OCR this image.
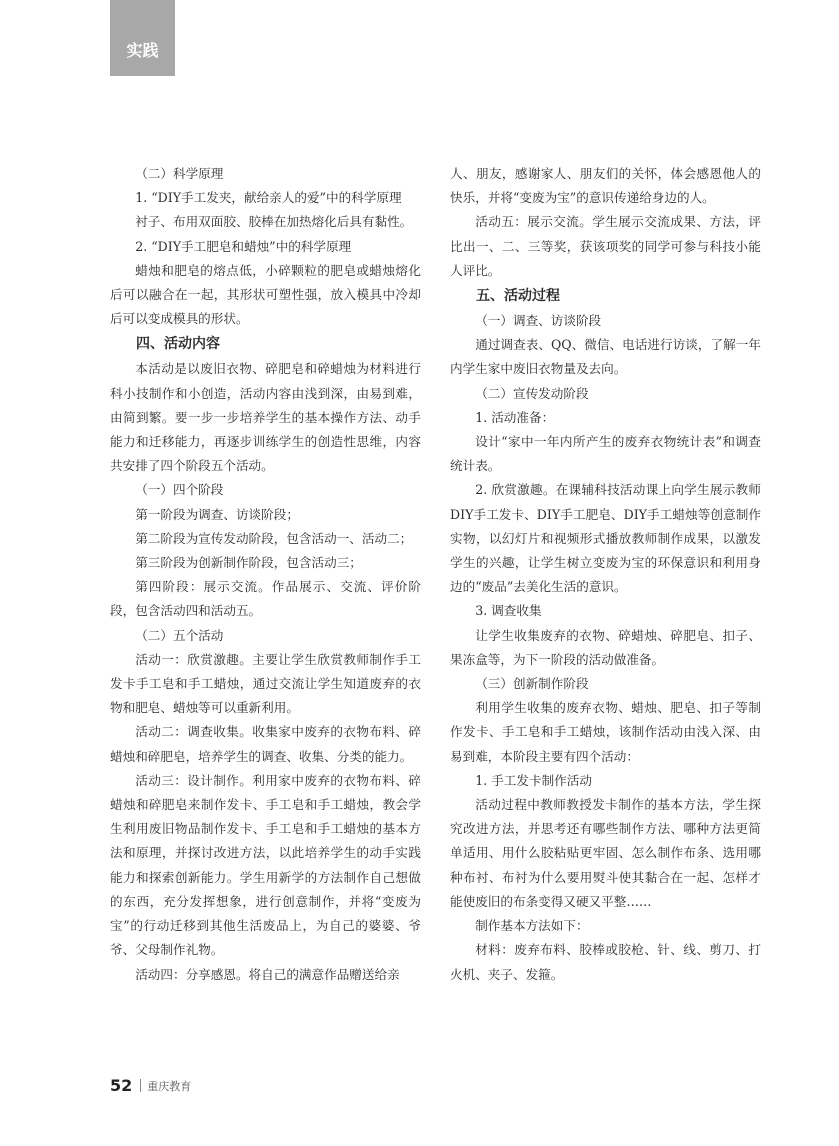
实践

（二）科学原理

1. “DIY手工发夹，献给亲人的爱”中的科学原理

衬子、布用双面胶、胶棒在加热熔化后具有黏性。

2. “DIY手工肥皂和蜡烛”中的科学原理

蜡烛和肥皂的熔点低，小碎颗粒的肥皂或蜡烛熔化后可以融合在一起，其形状可塑性强，放入模具中冷却后可以变成模具的形状。

四、活动内容

本活动是以废旧衣物、碎肥皂和碎蜡烛为材料进行科小技制作和小创造，活动内容由浅到深，由易到难，由简到繁。要一步一步培养学生的基本操作方法、动手能力和迁移能力，再逐步训练学生的创造性思维，内容共安排了四个阶段五个活动。

（一）四个阶段

第一阶段为调查、访谈阶段；

第二阶段为宣传发动阶段，包含活动一、活动二；

第三阶段为创新制作阶段，包含活动三；

第四阶段：展示交流。作品展示、交流、评价阶段，包含活动四和活动五。

（二）五个活动

活动一：欣赏激趣。主要让学生欣赏教师制作手工发卡手工皂和手工蜡烛，通过交流让学生知道废弃的衣物和肥皂、蜡烛等可以重新利用。

活动二：调查收集。收集家中废弃的衣物布料、碎蜡烛和碎肥皂，培养学生的调查、收集、分类的能力。

活动三：设计制作。利用家中废弃的衣物布料、碎蜡烛和碎肥皂来制作发卡、手工皂和手工蜡烛，教会学生利用废旧物品制作发卡、手工皂和手工蜡烛的基本方法和原理，并探讨改进方法，以此培养学生的动手实践能力和探索创新能力。学生用新学的方法制作自己想做的东西，充分发挥想象，进行创意制作，并将“变废为宝”的行动迁移到其他生活废品上，为自己的婆婆、爷爷、父母制作礼物。

活动四：分享感恩。将自己的满意作品赠送给亲

人、朋友，感谢家人、朋友们的关怀，体会感恩他人的快乐，并将“变废为宝”的意识传递给身边的人。

活动五：展示交流。学生展示交流成果、方法，评比出一、二、三等奖，获该项奖的同学可参与科技小能人评比。

五、活动过程

（一）调查、访谈阶段

通过调查表、QQ、微信、电话进行访谈，了解一年内学生家中废旧衣物量及去向。

（二）宣传发动阶段

1. 活动准备：

设计“家中一年内所产生的废弃衣物统计表”和调查统计表。

2. 欣赏激趣。在课辅科技活动课上向学生展示教师DIY手工发卡、DIY手工肥皂、DIY手工蜡烛等创意制作实物，以幻灯片和视频形式播放教师制作成果，以激发学生的兴趣，让学生树立变废为宝的环保意识和利用身边的“废品”去美化生活的意识。

3. 调查收集

让学生收集废弃的衣物、碎蜡烛、碎肥皂、扣子、果冻盒等，为下一阶段的活动做准备。

（三）创新制作阶段

利用学生收集的废弃衣物、蜡烛、肥皂、扣子等制作发卡、手工皂和手工蜡烛，该制作活动由浅入深、由易到难，本阶段主要有四个活动：

1. 手工发卡制作活动

活动过程中教师教授发卡制作的基本方法，学生探究改进方法，并思考还有哪些制作方法、哪种方法更简单适用、用什么胶粘贴更牢固、怎么制作布条、选用哪种布衬、布衬为什么要用熨斗使其黏合在一起、怎样才能使废旧的布条变得又硬又平整……

制作基本方法如下：

材料：废弃布料、胶棒或胶枪、针、线、剪刀、打火机、夹子、发箍。

52 重庆教育
